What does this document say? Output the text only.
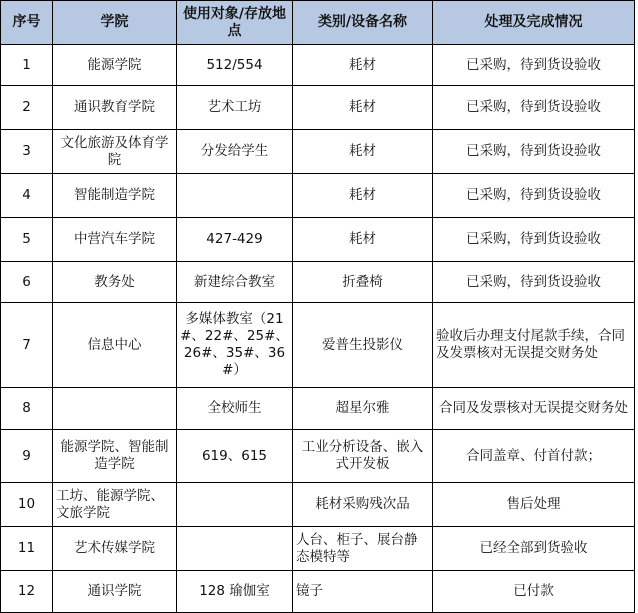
序号	学院	使用对象/存放地点	类别/设备名称	处理及完成情况
1	能源学院	512/554	耗材	已采购，待到货设验收
2	通识教育学院	艺术工坊	耗材	已采购，待到货设验收
3	文化旅游及体育学院	分发给学生	耗材	已采购，待到货设验收
4	智能制造学院		耗材	已采购，待到货设验收
5	中营汽车学院	427-429	耗材	已采购，待到货设验收
6	教务处	新建综合教室	折叠椅	已采购，待到货设验收
7	信息中心	多媒体教室（21#、22#、25#、26#、35#、36#）	爱普生投影仪	验收后办理支付尾款手续，合同及发票核对无误提交财务处
8		全校师生	超星尔雅	合同及发票核对无误提交财务处
9	能源学院、智能制造学院	619、615	工业分析设备、嵌入式开发板	合同盖章、付首付款；
10	工坊、能源学院、文旅学院		耗材采购残次品	售后处理
11	艺术传媒学院		人台、柜子、展台静态模特等	已经全部到货验收
12	通识学院	128 瑜伽室	镜子	已付款
